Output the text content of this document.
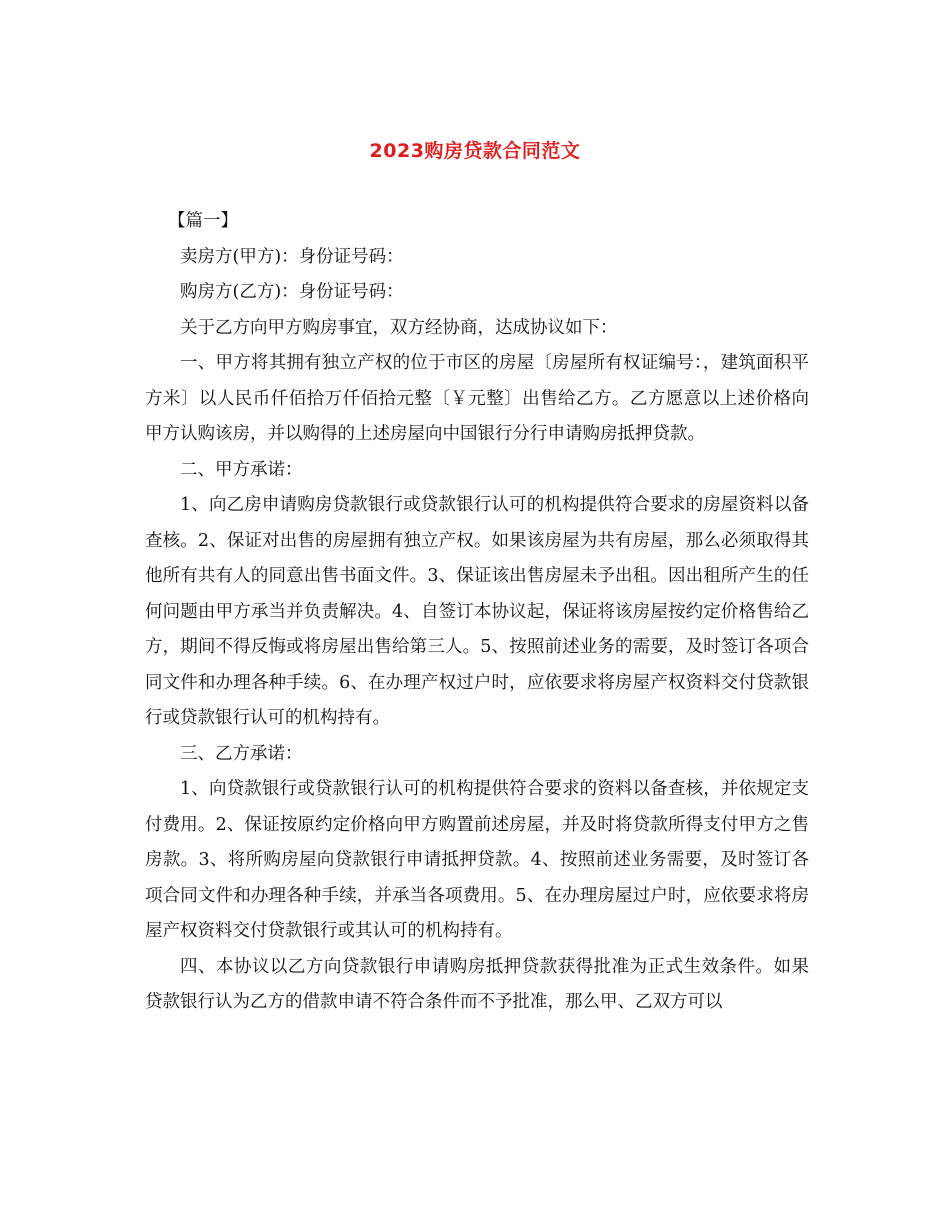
2023购房贷款合同范文

【篇一】

卖房方(甲方)：身份证号码：

购房方(乙方)：身份证号码：

关于乙方向甲方购房事宜，双方经协商，达成协议如下：

一、甲方将其拥有独立产权的位于市区的房屋〔房屋所有权证编号：，建筑面积平方米〕以人民币仟佰拾万仟佰拾元整〔￥元整〕出售给乙方。乙方愿意以上述价格向甲方认购该房，并以购得的上述房屋向中国银行分行申请购房抵押贷款。

二、甲方承诺：

1、向乙房申请购房贷款银行或贷款银行认可的机构提供符合要求的房屋资料以备查核。2、保证对出售的房屋拥有独立产权。如果该房屋为共有房屋，那么必须取得其他所有共有人的同意出售书面文件。3、保证该出售房屋未予出租。因出租所产生的任何问题由甲方承当并负责解决。4、自签订本协议起，保证将该房屋按约定价格售给乙方，期间不得反悔或将房屋出售给第三人。5、按照前述业务的需要，及时签订各项合同文件和办理各种手续。6、在办理产权过户时，应依要求将房屋产权资料交付贷款银行或贷款银行认可的机构持有。

三、乙方承诺：

1、向贷款银行或贷款银行认可的机构提供符合要求的资料以备查核，并依规定支付费用。2、保证按原约定价格向甲方购置前述房屋，并及时将贷款所得支付甲方之售房款。3、将所购房屋向贷款银行申请抵押贷款。4、按照前述业务需要，及时签订各项合同文件和办理各种手续，并承当各项费用。5、在办理房屋过户时，应依要求将房屋产权资料交付贷款银行或其认可的机构持有。

四、本协议以乙方向贷款银行申请购房抵押贷款获得批准为正式生效条件。如果贷款银行认为乙方的借款申请不符合条件而不予批准，那么甲、乙双方可以
